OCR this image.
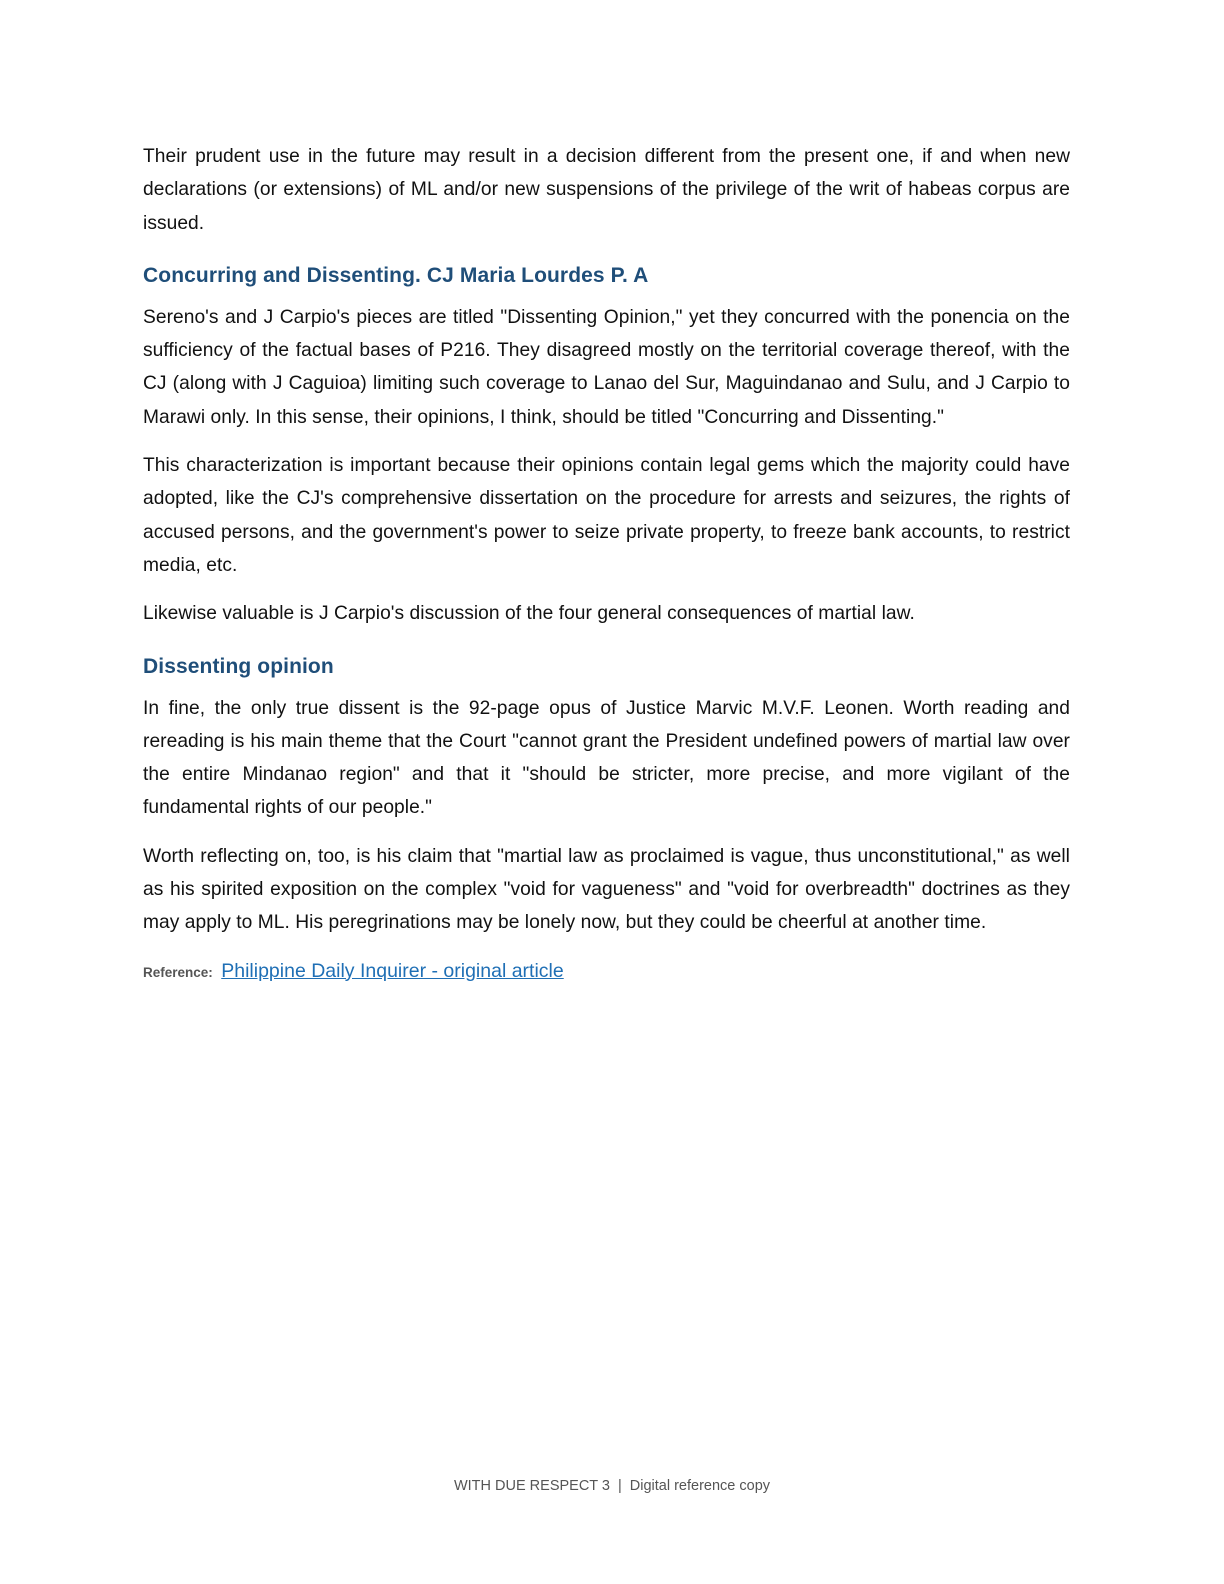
Their prudent use in the future may result in a decision different from the present one, if and when new declarations (or extensions) of ML and/or new suspensions of the privilege of the writ of habeas corpus are issued.

Concurring and Dissenting. CJ Maria Lourdes P. A

Sereno's and J Carpio's pieces are titled "Dissenting Opinion," yet they concurred with the ponencia on the sufficiency of the factual bases of P216. They disagreed mostly on the territorial coverage thereof, with the CJ (along with J Caguioa) limiting such coverage to Lanao del Sur, Maguindanao and Sulu, and J Carpio to Marawi only. In this sense, their opinions, I think, should be titled "Concurring and Dissenting."

This characterization is important because their opinions contain legal gems which the majority could have adopted, like the CJ's comprehensive dissertation on the procedure for arrests and seizures, the rights of accused persons, and the government's power to seize private property, to freeze bank accounts, to restrict media, etc.

Likewise valuable is J Carpio's discussion of the four general consequences of martial law.

Dissenting opinion

In fine, the only true dissent is the 92-page opus of Justice Marvic M.V.F. Leonen. Worth reading and rereading is his main theme that the Court "cannot grant the President undefined powers of martial law over the entire Mindanao region" and that it "should be stricter, more precise, and more vigilant of the fundamental rights of our people."

Worth reflecting on, too, is his claim that "martial law as proclaimed is vague, thus unconstitutional," as well as his spirited exposition on the complex "void for vagueness" and "void for overbreadth" doctrines as they may apply to ML. His peregrinations may be lonely now, but they could be cheerful at another time.

Reference: Philippine Daily Inquirer - original article
WITH DUE RESPECT 3 | Digital reference copy
